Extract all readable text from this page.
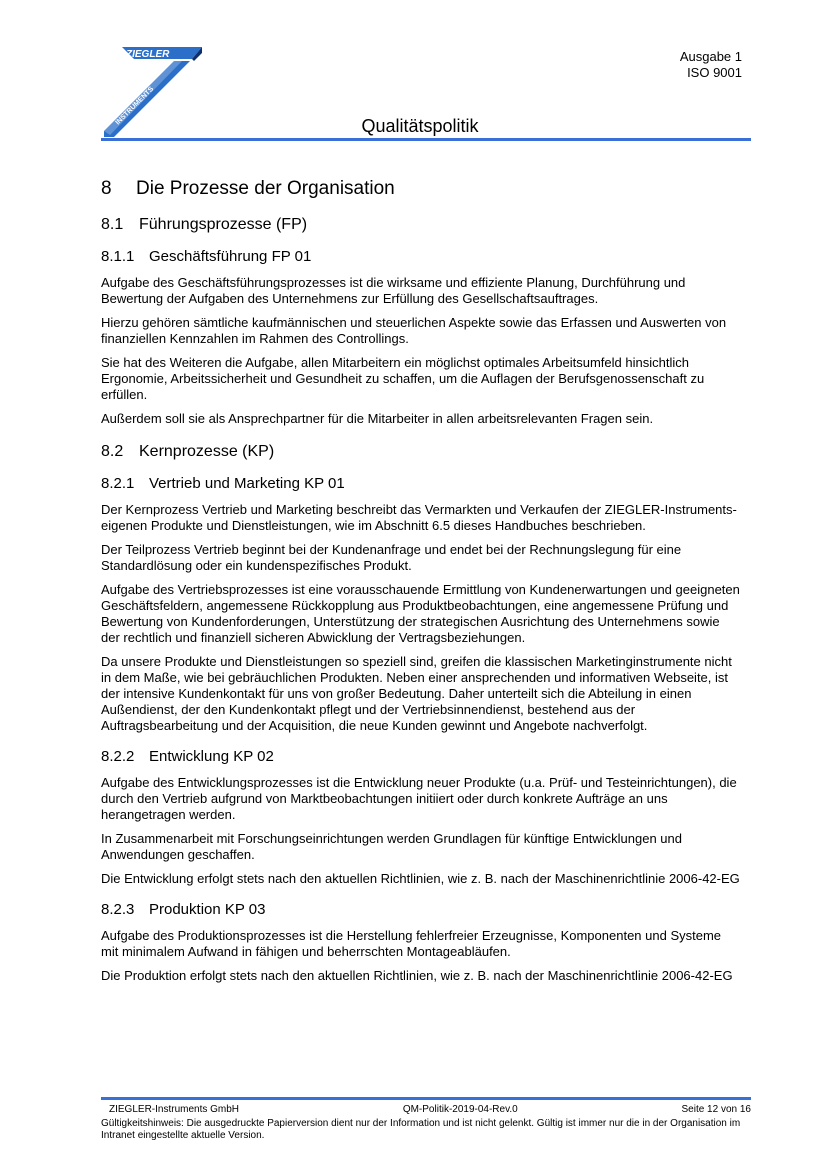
ZIEGLER
INSTRUMENTS
Ausgabe 1
ISO 9001
Qualitätspolitik
8 Die Prozesse der Organisation
8.1 Führungsprozesse (FP)
8.1.1 Geschäftsführung FP 01

Aufgabe des Geschäftsführungsprozesses ist die wirksame und effiziente Planung, Durchführung und Bewertung der Aufgaben des Unternehmens zur Erfüllung des Gesellschaftsauftrages.

Hierzu gehören sämtliche kaufmännischen und steuerlichen Aspekte sowie das Erfassen und Auswerten von finanziellen Kennzahlen im Rahmen des Controllings.

Sie hat des Weiteren die Aufgabe, allen Mitarbeitern ein möglichst optimales Arbeitsumfeld hinsichtlich Ergonomie, Arbeitssicherheit und Gesundheit zu schaffen, um die Auflagen der Berufsgenossenschaft zu erfüllen.

Außerdem soll sie als Ansprechpartner für die Mitarbeiter in allen arbeitsrelevanten Fragen sein.

8.2 Kernprozesse (KP)
8.2.1 Vertrieb und Marketing KP 01

Der Kernprozess Vertrieb und Marketing beschreibt das Vermarkten und Verkaufen der ZIEGLER-Instruments-eigenen Produkte und Dienstleistungen, wie im Abschnitt 6.5 dieses Handbuches beschrieben.

Der Teilprozess Vertrieb beginnt bei der Kundenanfrage und endet bei der Rechnungslegung für eine Standardlösung oder ein kundenspezifisches Produkt.

Aufgabe des Vertriebsprozesses ist eine vorausschauende Ermittlung von Kundenerwartungen und geeigneten Geschäftsfeldern, angemessene Rückkopplung aus Produktbeobachtungen, eine angemessene Prüfung und Bewertung von Kundenforderungen, Unterstützung der strategischen Ausrichtung des Unternehmens sowie der rechtlich und finanziell sicheren Abwicklung der Vertragsbeziehungen.

Da unsere Produkte und Dienstleistungen so speziell sind, greifen die klassischen Marketinginstrumente nicht in dem Maße, wie bei gebräuchlichen Produkten. Neben einer ansprechenden und informativen Webseite, ist der intensive Kundenkontakt für uns von großer Bedeutung. Daher unterteilt sich die Abteilung in einen Außendienst, der den Kundenkontakt pflegt und der Vertriebsinnendienst, bestehend aus der Auftragsbearbeitung und der Acquisition, die neue Kunden gewinnt und Angebote nachverfolgt.

8.2.2 Entwicklung KP 02

Aufgabe des Entwicklungsprozesses ist die Entwicklung neuer Produkte (u.a. Prüf- und Testeinrichtungen), die durch den Vertrieb aufgrund von Marktbeobachtungen initiiert oder durch konkrete Aufträge an uns herangetragen werden.

In Zusammenarbeit mit Forschungseinrichtungen werden Grundlagen für künftige Entwicklungen und Anwendungen geschaffen.

Die Entwicklung erfolgt stets nach den aktuellen Richtlinien, wie z. B. nach der Maschinenrichtlinie 2006-42-EG

8.2.3 Produktion KP 03

Aufgabe des Produktionsprozesses ist die Herstellung fehlerfreier Erzeugnisse, Komponenten und Systeme mit minimalem Aufwand in fähigen und beherrschten Montageabläufen.

Die Produktion erfolgt stets nach den aktuellen Richtlinien, wie z. B. nach der Maschinenrichtlinie 2006-42-EG

ZIEGLER-Instruments GmbH	QM-Politik-2019-04-Rev.0	Seite 12 von 16
Gültigkeitshinweis: Die ausgedruckte Papierversion dient nur der Information und ist nicht gelenkt. Gültig ist immer nur die in der Organisation im Intranet eingestellte aktuelle Version.
